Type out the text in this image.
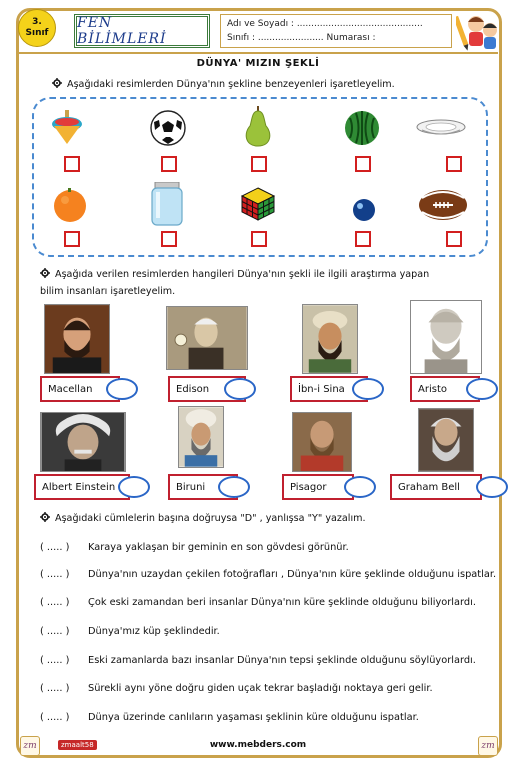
3.
Sınıf
FEN BİLİMLERİ
Adı ve Soyadı : ............................................
Sınıfı : ....................... Numarası :
DÜNYA' MIZIN ŞEKLİ
Aşağıdaki resimlerden Dünya'nın şekline benzeyenleri işaretleyelim.
Aşağıda verilen resimlerden hangileri Dünya'nın şekli ile ilgili araştırma yapan
bilim insanları işaretleyelim.
Macellan	Edison	İbn-i Sina	Aristo
Albert Einstein	Biruni	Pisagor	Graham Bell
Aşağıdaki cümlelerin başına doğruysa "D" , yanlışsa "Y" yazalım.
( ..... ) Karaya yaklaşan bir geminin en son gövdesi görünür.
( ..... ) Dünya'nın uzaydan çekilen fotoğrafları , Dünya'nın küre şeklinde olduğunu ispatlar.
( ..... ) Çok eski zamandan beri insanlar Dünya'nın küre şeklinde olduğunu biliyorlardı.
( ..... ) Dünya'mız küp şeklindedir.
( ..... ) Eski zamanlarda bazı insanlar Dünya'nın tepsi şeklinde olduğunu söylüyorlardı.
( ..... ) Sürekli aynı yöne doğru giden uçak tekrar başladığı noktaya geri gelir.
( ..... ) Dünya üzerinde canlıların yaşaması şeklinin küre olduğunu ispatlar.
zm	zmaalt58	www.mebders.com	zm
